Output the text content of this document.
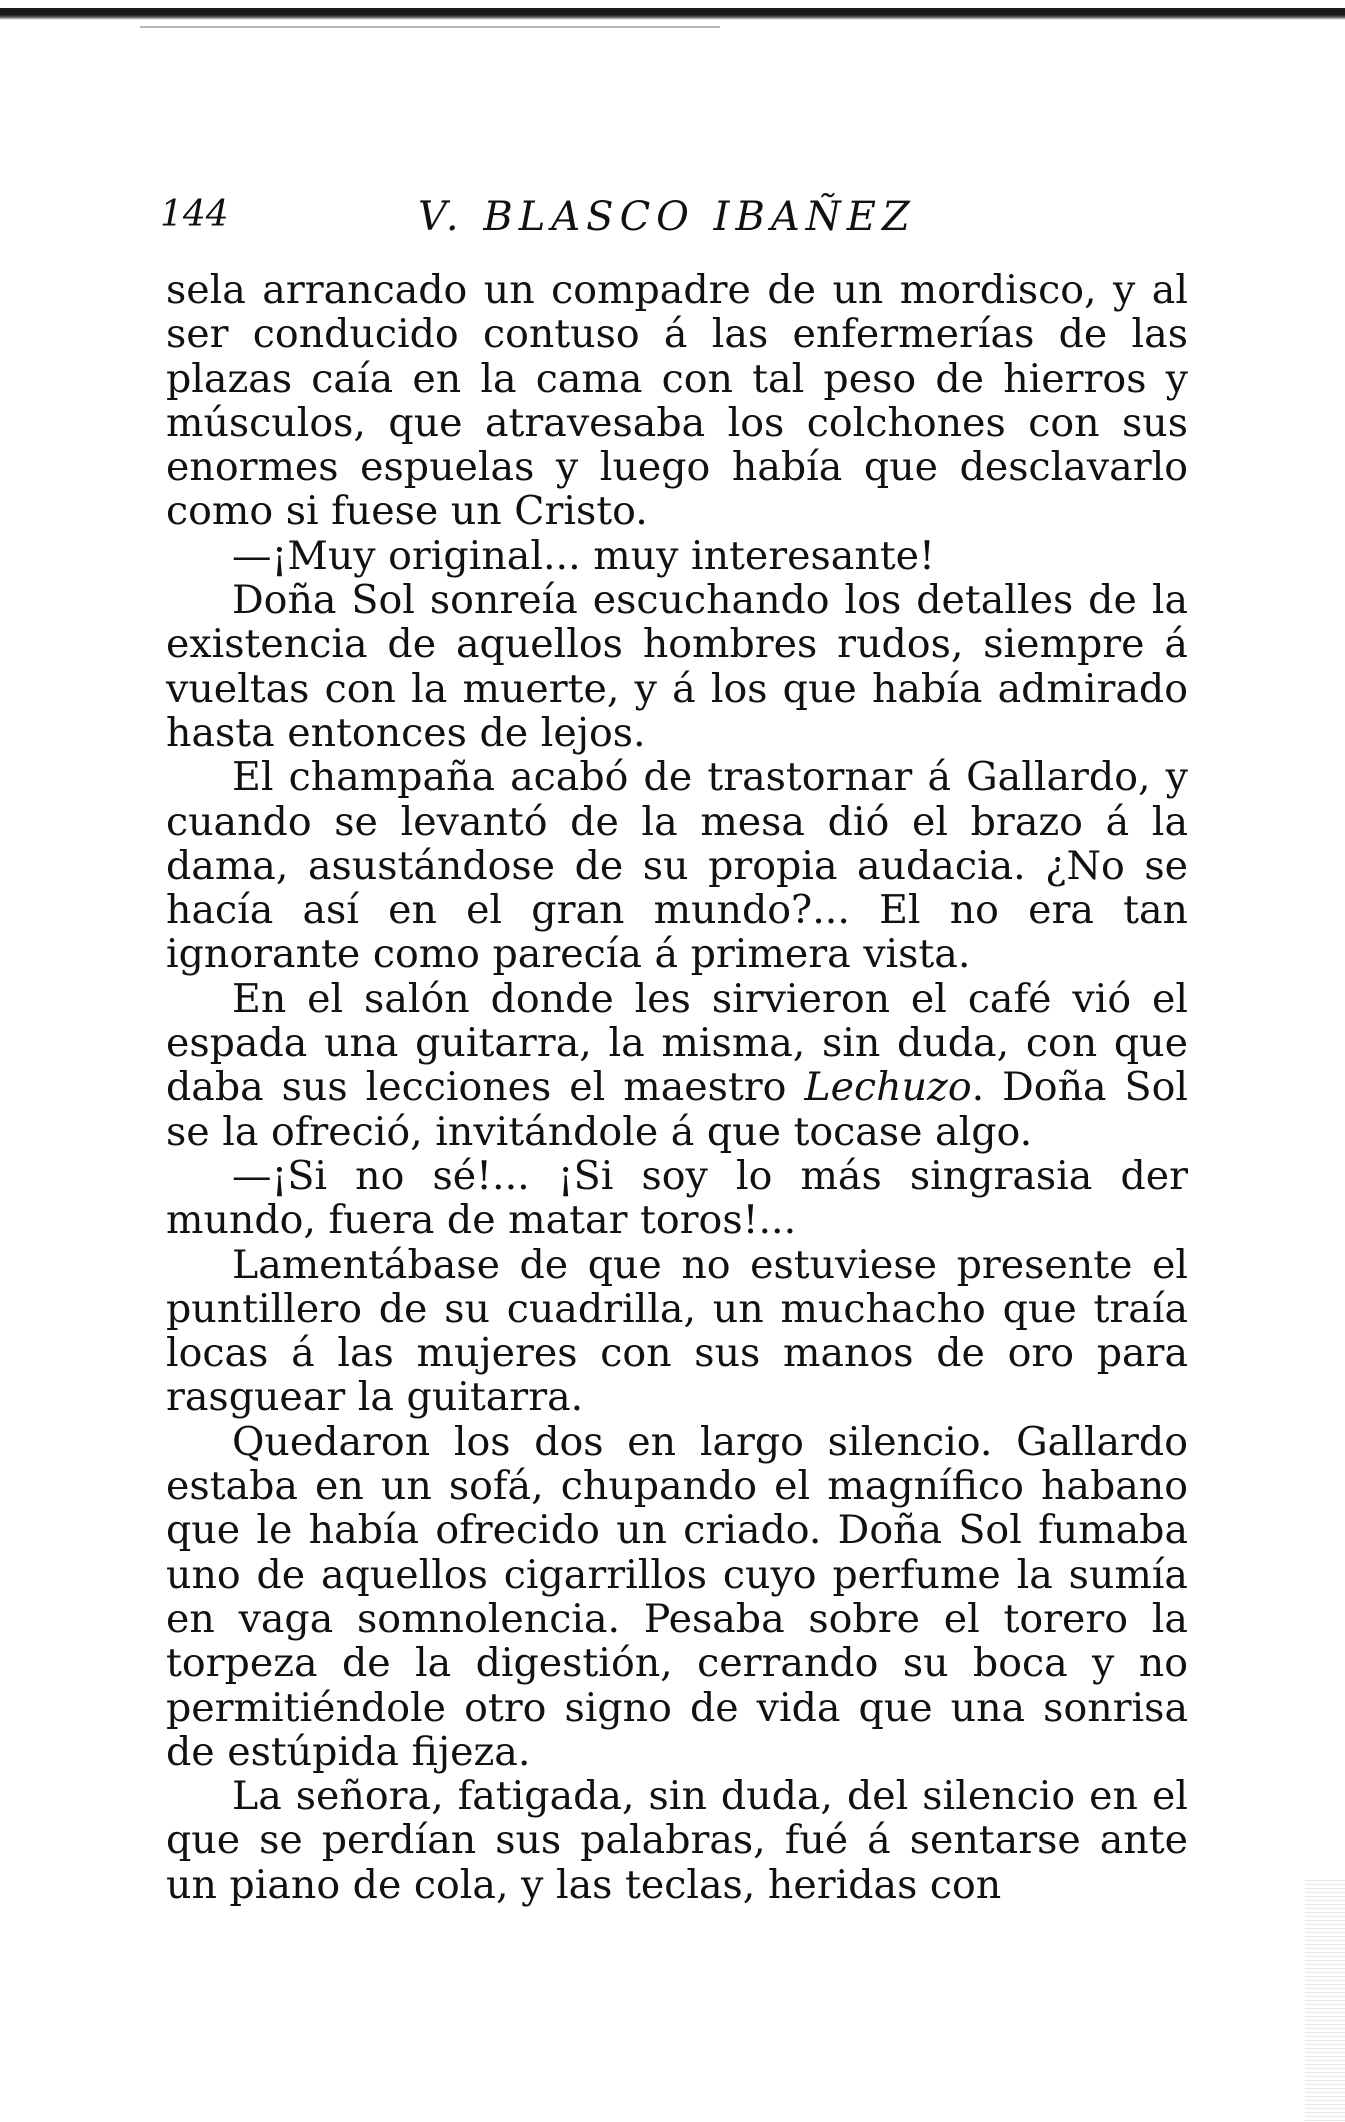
144	V. BLASCO IBAÑEZ

sela arrancado un compadre de un mordisco, y al ser conducido contuso á las enfermerías de las plazas caía en la cama con tal peso de hierros y músculos, que atravesaba los colchones con sus enormes espuelas y luego había que desclavarlo como si fuese un Cristo.

—¡Muy original... muy interesante!

Doña Sol sonreía escuchando los detalles de la existencia de aquellos hombres rudos, siempre á vueltas con la muerte, y á los que había admirado hasta entonces de lejos.

El champaña acabó de trastornar á Gallardo, y cuando se levantó de la mesa dió el brazo á la dama, asustándose de su propia audacia. ¿No se hacía así en el gran mundo?... El no era tan ignorante como parecía á primera vista.

En el salón donde les sirvieron el café vió el espada una guitarra, la misma, sin duda, con que daba sus lecciones el maestro Lechuzo. Doña Sol se la ofreció, invitándole á que tocase algo.

—¡Si no sé!... ¡Si soy lo más singrasia der mundo, fuera de matar toros!...

Lamentábase de que no estuviese presente el puntillero de su cuadrilla, un muchacho que traía locas á las mujeres con sus manos de oro para rasguear la guitarra.

Quedaron los dos en largo silencio. Gallardo estaba en un sofá, chupando el magnífico habano que le había ofrecido un criado. Doña Sol fumaba uno de aquellos cigarrillos cuyo perfume la sumía en vaga somnolencia. Pesaba sobre el torero la torpeza de la digestión, cerrando su boca y no permitiéndole otro signo de vida que una sonrisa de estúpida fijeza.

La señora, fatigada, sin duda, del silencio en el que se perdían sus palabras, fué á sentarse ante un piano de cola, y las teclas, heridas con
